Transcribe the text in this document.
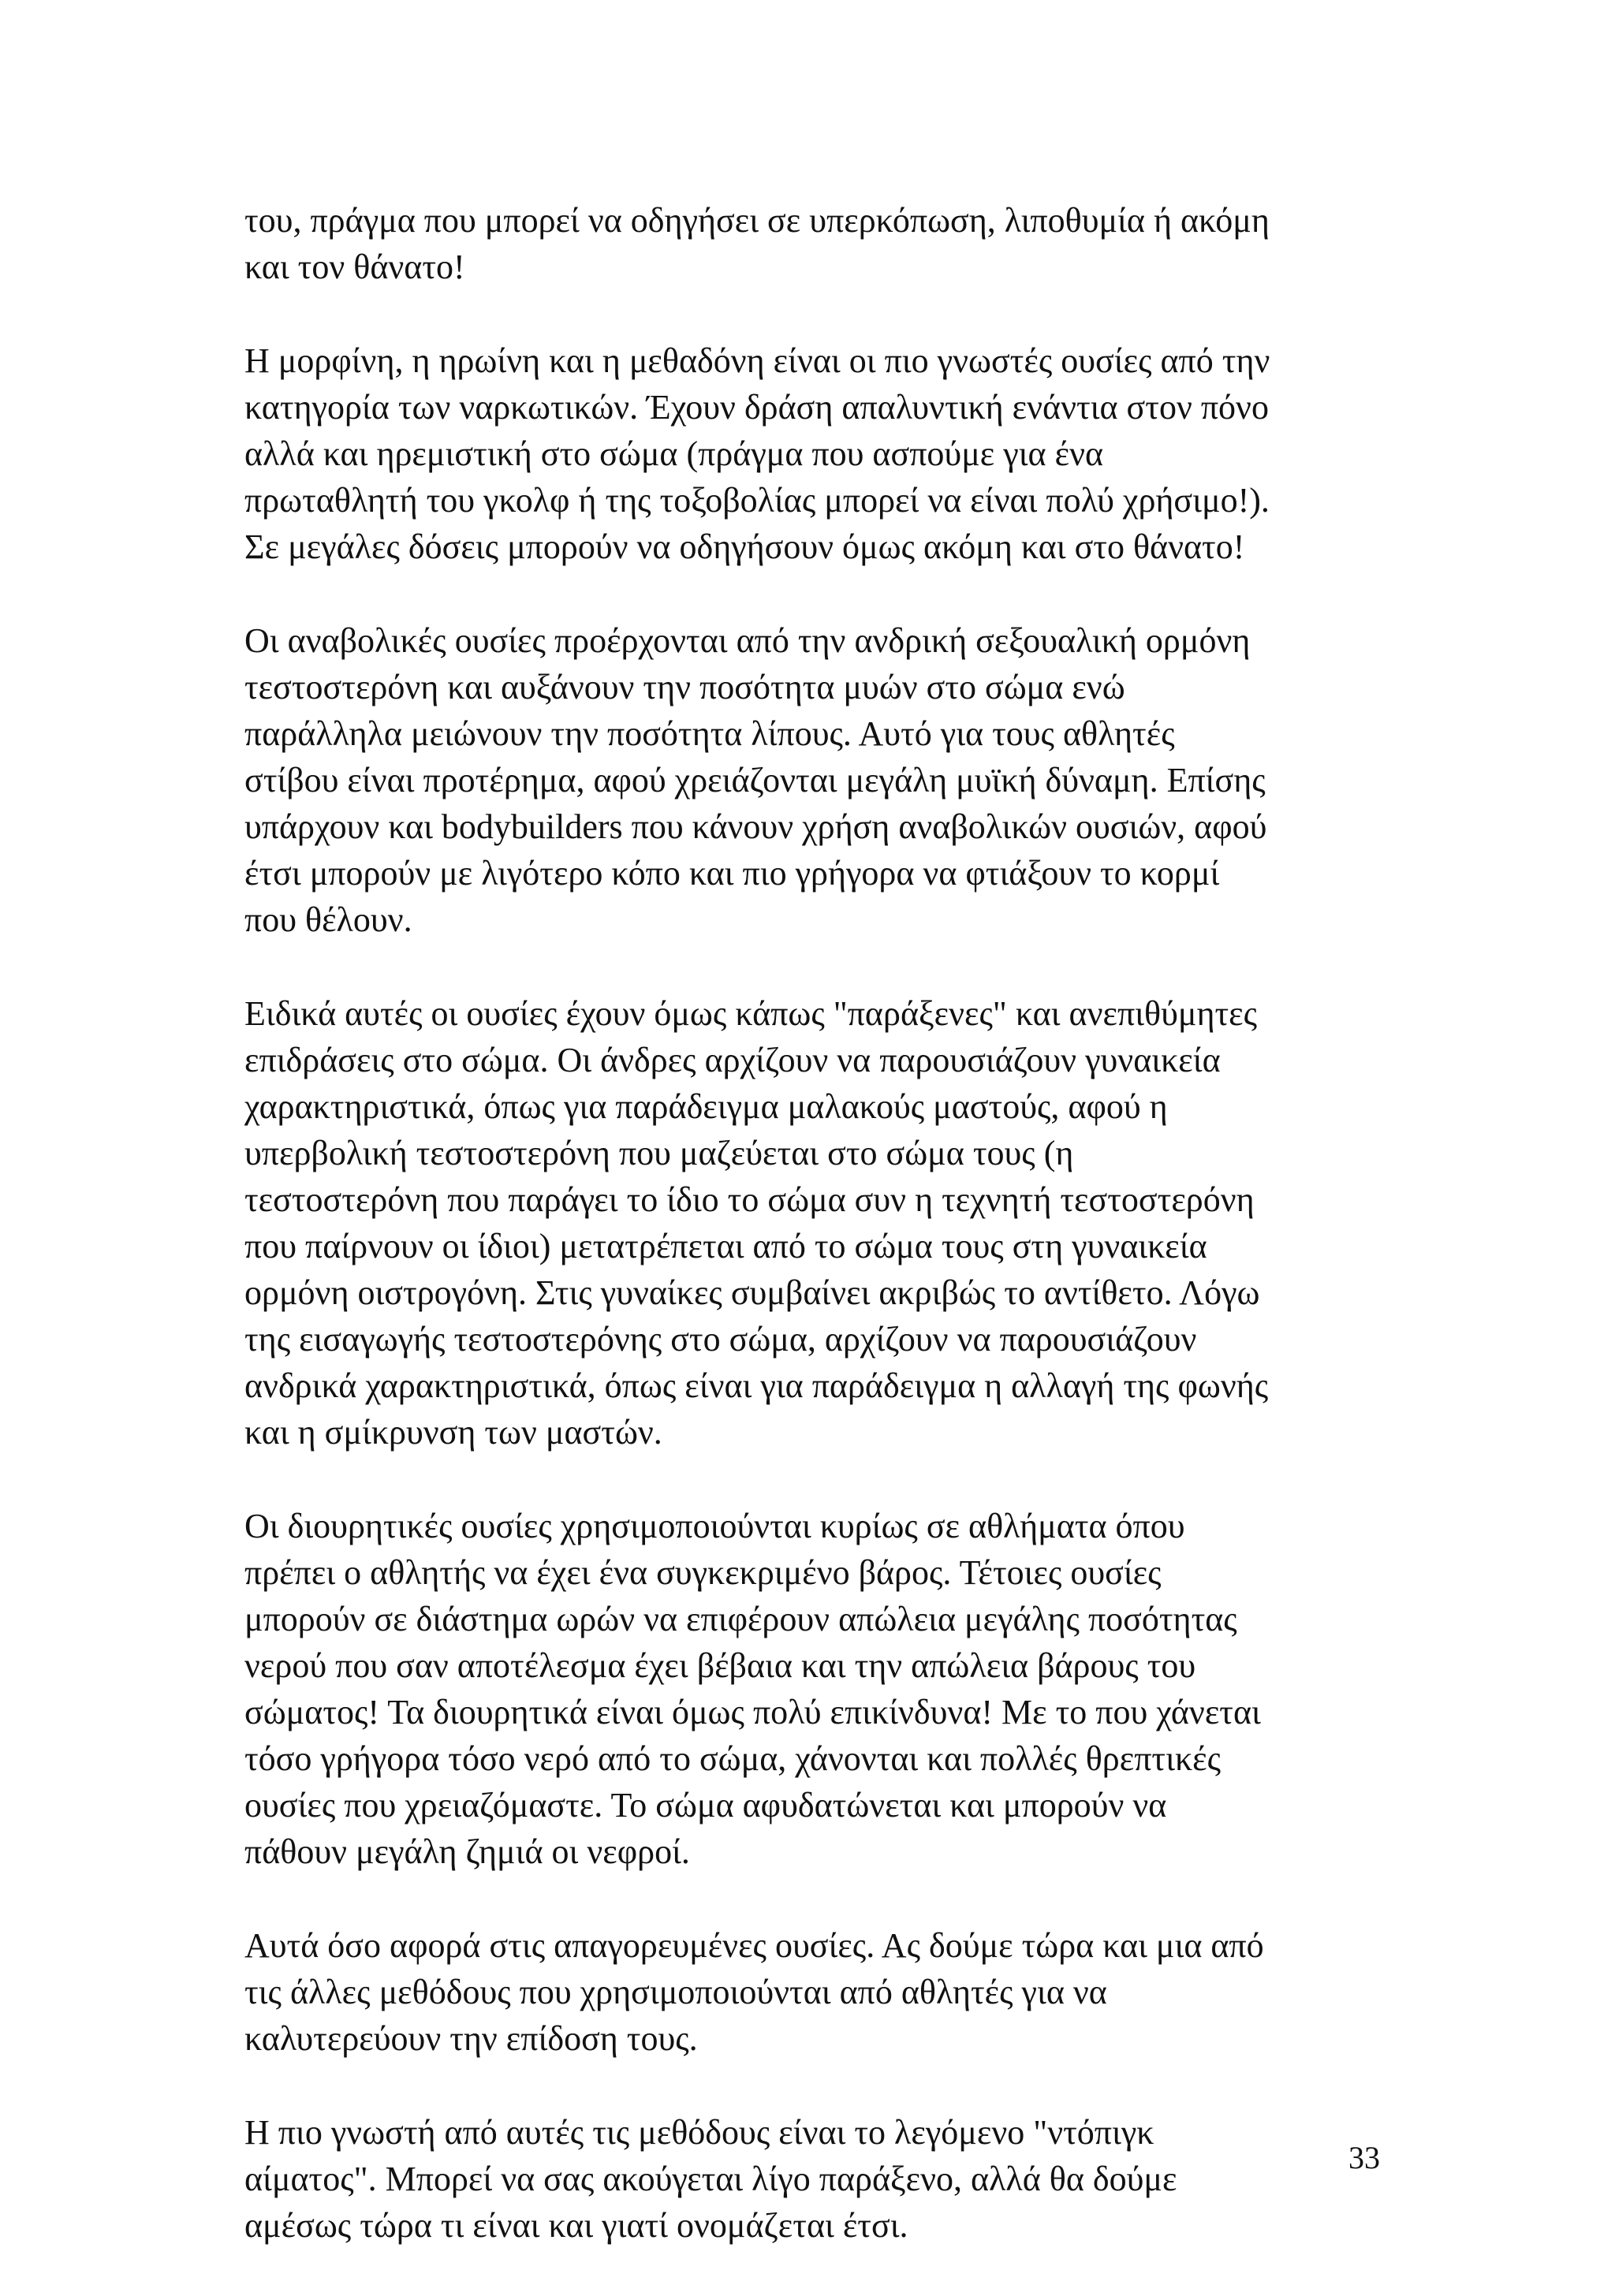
του, πράγμα που μπορεί να οδηγήσει σε υπερκόπωση, λιποθυμία ή ακόμη
και τον θάνατο!

Η μορφίνη, η ηρωίνη και η μεθαδόνη είναι οι πιο γνωστές ουσίες από την
κατηγορία των ναρκωτικών. Έχουν δράση απαλυντική ενάντια στον πόνο
αλλά και ηρεμιστική στο σώμα (πράγμα που ασπούμε για ένα
πρωταθλητή του γκολφ ή της τοξοβολίας μπορεί να είναι πολύ χρήσιμο!).
Σε μεγάλες δόσεις μπορούν να οδηγήσουν όμως ακόμη και στο θάνατο!

Οι αναβολικές ουσίες προέρχονται από την ανδρική σεξουαλική ορμόνη
τεστοστερόνη και αυξάνουν την ποσότητα μυών στο σώμα ενώ
παράλληλα μειώνουν την ποσότητα λίπους. Αυτό για τους αθλητές
στίβου είναι προτέρημα, αφού χρειάζονται μεγάλη μυϊκή δύναμη. Επίσης
υπάρχουν και bodybuilders που κάνουν χρήση αναβολικών ουσιών, αφού
έτσι μπορούν με λιγότερο κόπο και πιο γρήγορα να φτιάξουν το κορμί
που θέλουν.

Ειδικά αυτές οι ουσίες έχουν όμως κάπως "παράξενες" και ανεπιθύμητες
επιδράσεις στο σώμα. Οι άνδρες αρχίζουν να παρουσιάζουν γυναικεία
χαρακτηριστικά, όπως για παράδειγμα μαλακούς μαστούς, αφού η
υπερβολική τεστοστερόνη που μαζεύεται στο σώμα τους (η
τεστοστερόνη που παράγει το ίδιο το σώμα συν η τεχνητή τεστοστερόνη
που παίρνουν οι ίδιοι) μετατρέπεται από το σώμα τους στη γυναικεία
ορμόνη οιστρογόνη. Στις γυναίκες συμβαίνει ακριβώς το αντίθετο. Λόγω
της εισαγωγής τεστοστερόνης στο σώμα, αρχίζουν να παρουσιάζουν
ανδρικά χαρακτηριστικά, όπως είναι για παράδειγμα η αλλαγή της φωνής
και η σμίκρυνση των μαστών.

Οι διουρητικές ουσίες χρησιμοποιούνται κυρίως σε αθλήματα όπου
πρέπει ο αθλητής να έχει ένα συγκεκριμένο βάρος. Τέτοιες ουσίες
μπορούν σε διάστημα ωρών να επιφέρουν απώλεια μεγάλης ποσότητας
νερού που σαν αποτέλεσμα έχει βέβαια και την απώλεια βάρους του
σώματος! Τα διουρητικά είναι όμως πολύ επικίνδυνα! Με το που χάνεται
τόσο γρήγορα τόσο νερό από το σώμα, χάνονται και πολλές θρεπτικές
ουσίες που χρειαζόμαστε. Το σώμα αφυδατώνεται και μπορούν να
πάθουν μεγάλη ζημιά οι νεφροί.

Αυτά όσο αφορά στις απαγορευμένες ουσίες. Ας δούμε τώρα και μια από
τις άλλες μεθόδους που χρησιμοποιούνται από αθλητές για να
καλυτερεύουν την επίδοση τους.

Η πιο γνωστή από αυτές τις μεθόδους είναι το λεγόμενο "ντόπιγκ
αίματος". Μπορεί να σας ακούγεται λίγο παράξενο, αλλά θα δούμε
αμέσως τώρα τι είναι και γιατί ονομάζεται έτσι.

33
